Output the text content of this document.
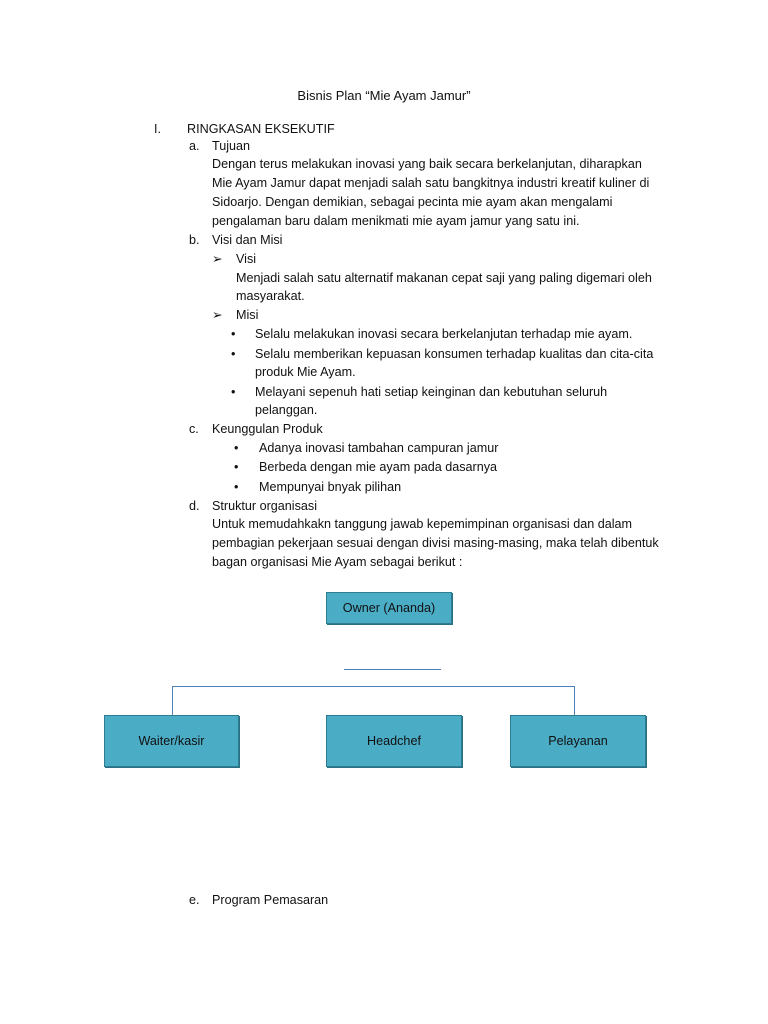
Bisnis Plan “Mie Ayam Jamur”
I. RINGKASAN EKSEKUTIF
a. Tujuan
Dengan terus melakukan inovasi yang baik secara berkelanjutan, diharapkan
Mie Ayam Jamur dapat menjadi salah satu bangkitnya industri kreatif kuliner di
Sidoarjo. Dengan demikian, sebagai pecinta mie ayam akan mengalami
pengalaman baru dalam menikmati mie ayam jamur yang satu ini.
b. Visi dan Misi
➢ Visi
Menjadi salah satu alternatif makanan cepat saji yang paling digemari oleh
masyarakat.
➢ Misi
• Selalu melakukan inovasi secara berkelanjutan terhadap mie ayam.
• Selalu memberikan kepuasan konsumen terhadap kualitas dan cita-cita
produk Mie Ayam.
• Melayani sepenuh hati setiap keinginan dan kebutuhan seluruh
pelanggan.
c. Keunggulan Produk
• Adanya inovasi tambahan campuran jamur
• Berbeda dengan mie ayam pada dasarnya
• Mempunyai bnyak pilihan
d. Struktur organisasi
Untuk memudahkakn tanggung jawab kepemimpinan organisasi dan dalam
pembagian pekerjaan sesuai dengan divisi masing-masing, maka telah dibentuk
bagan organisasi Mie Ayam sebagai berikut :
Owner (Ananda)
Waiter/kasir	Headchef	Pelayanan
e. Program Pemasaran
